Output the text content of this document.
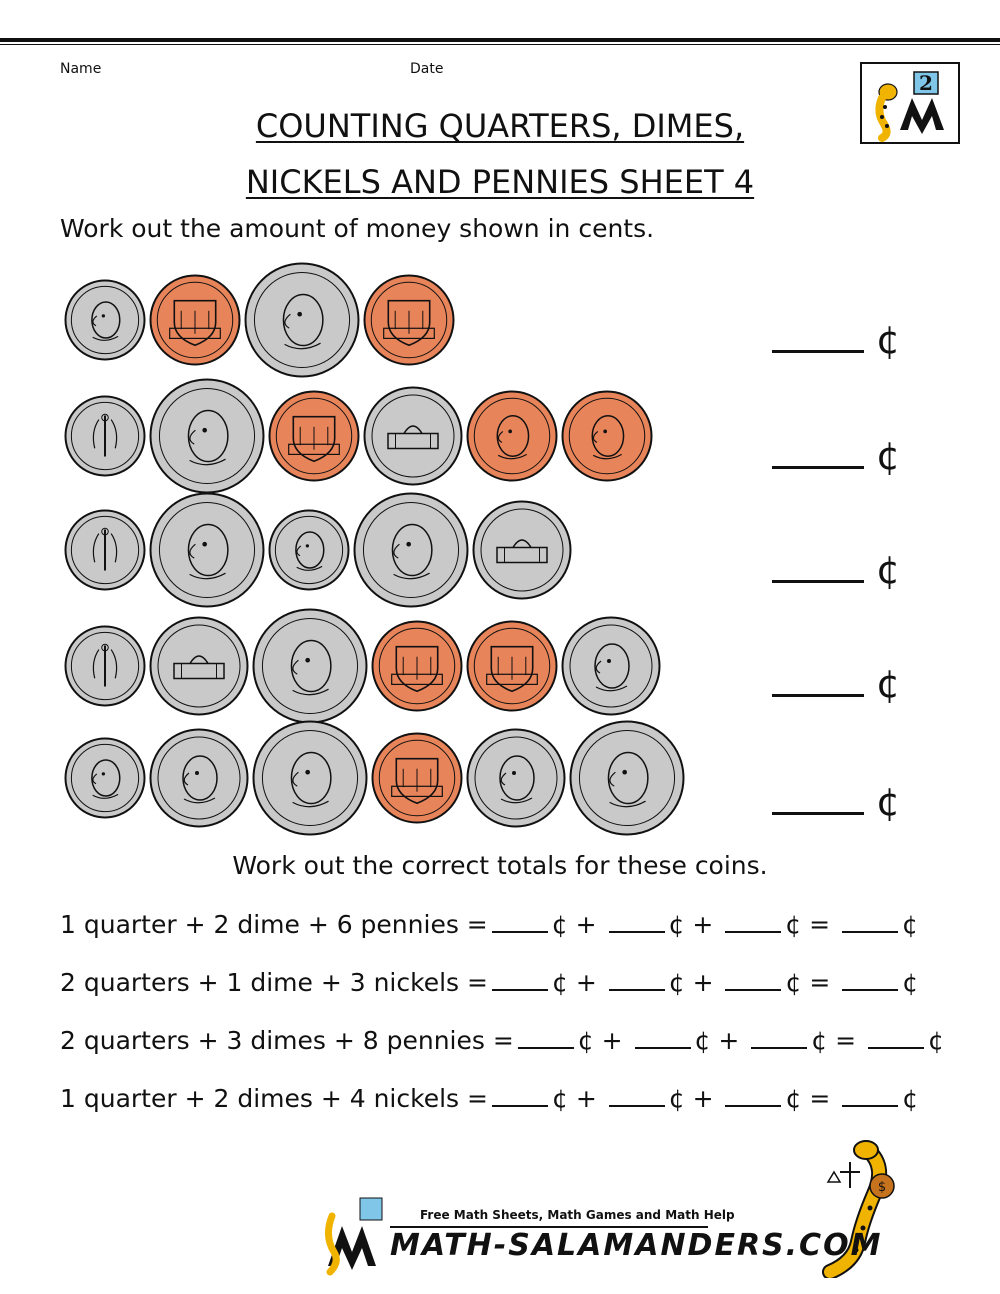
Name	Date
2
COUNTING QUARTERS, DIMES,
NICKELS AND PENNIES SHEET 4
Work out the amount of money shown in cents.
¢
¢
¢
¢
¢
Work out the correct totals for these coins.
1 quarter + 2 dime + 6 pennies =	¢ +	¢ +	¢ =	¢
2 quarters + 1 dime + 3 nickels =	¢ +	¢ +	¢ =	¢
2 quarters + 3 dimes + 8 pennies =	¢ +	¢ +	¢ =	¢
1 quarter + 2 dimes + 4 nickels =	¢ +	¢ +	¢ =	¢
$
Free Math Sheets, Math Games and Math Help
MATH-SALAMANDERS.COM
